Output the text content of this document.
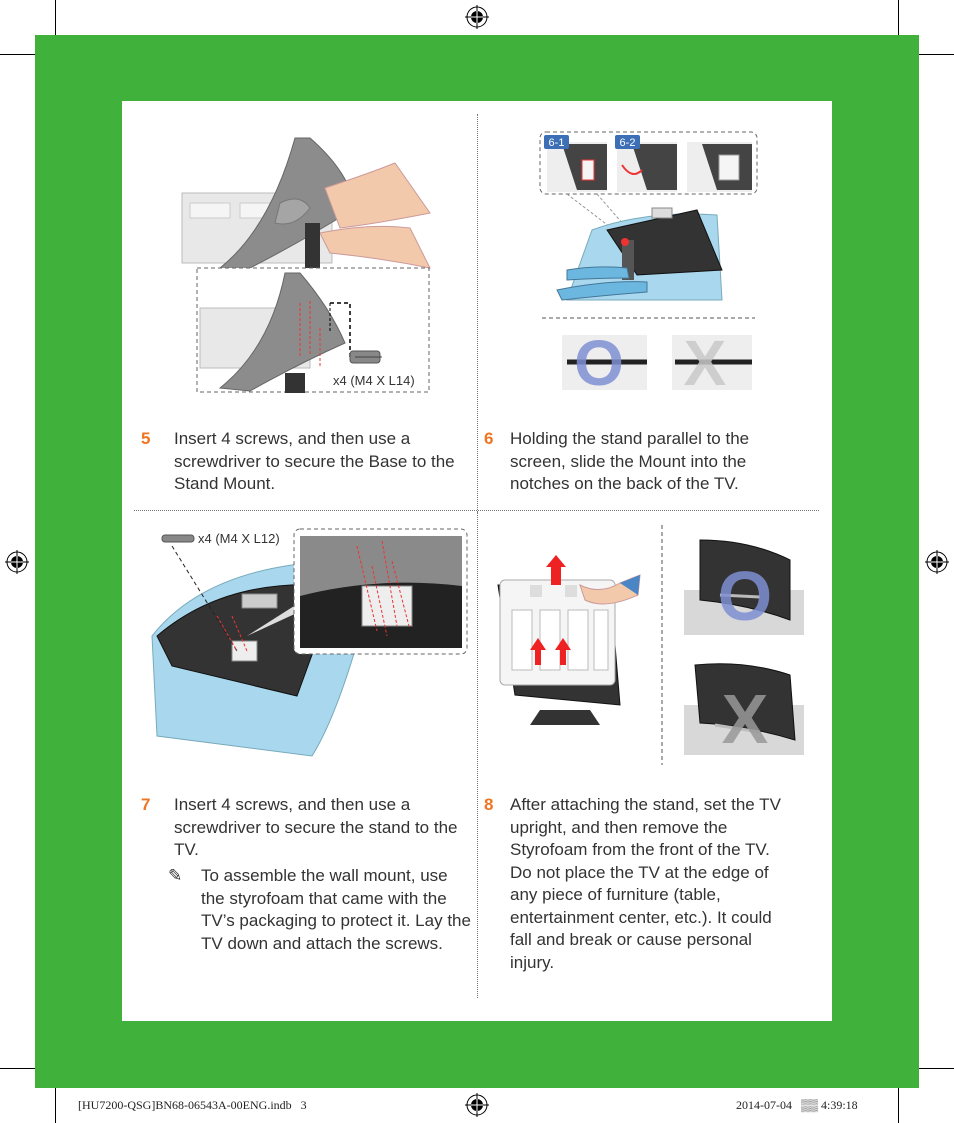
x4 (M4 X L14)
6-1	6-2
O X
x4 (M4 X L12)
O
X
5 Insert 4 screws, and then use a screwdriver to secure the Base to the Stand Mount.
6 Holding the stand parallel to the screen, slide the Mount into the notches on the back of the TV.
7 Insert 4 screws, and then use a screwdriver to secure the stand to the TV.
✎ To assemble the wall mount, use the styrofoam that came with the TV’s packaging to protect it. Lay the TV down and attach the screws.
8 After attaching the stand, set the TV upright, and then remove the Styrofoam from the front of the TV. Do not place the TV at the edge of any piece of furniture (table, entertainment center, etc.). It could fall and break or cause personal injury.
[HU7200-QSG]BN68-06543A-00ENG.indb   3	2014-07-04   ▒▒ 4:39:18
